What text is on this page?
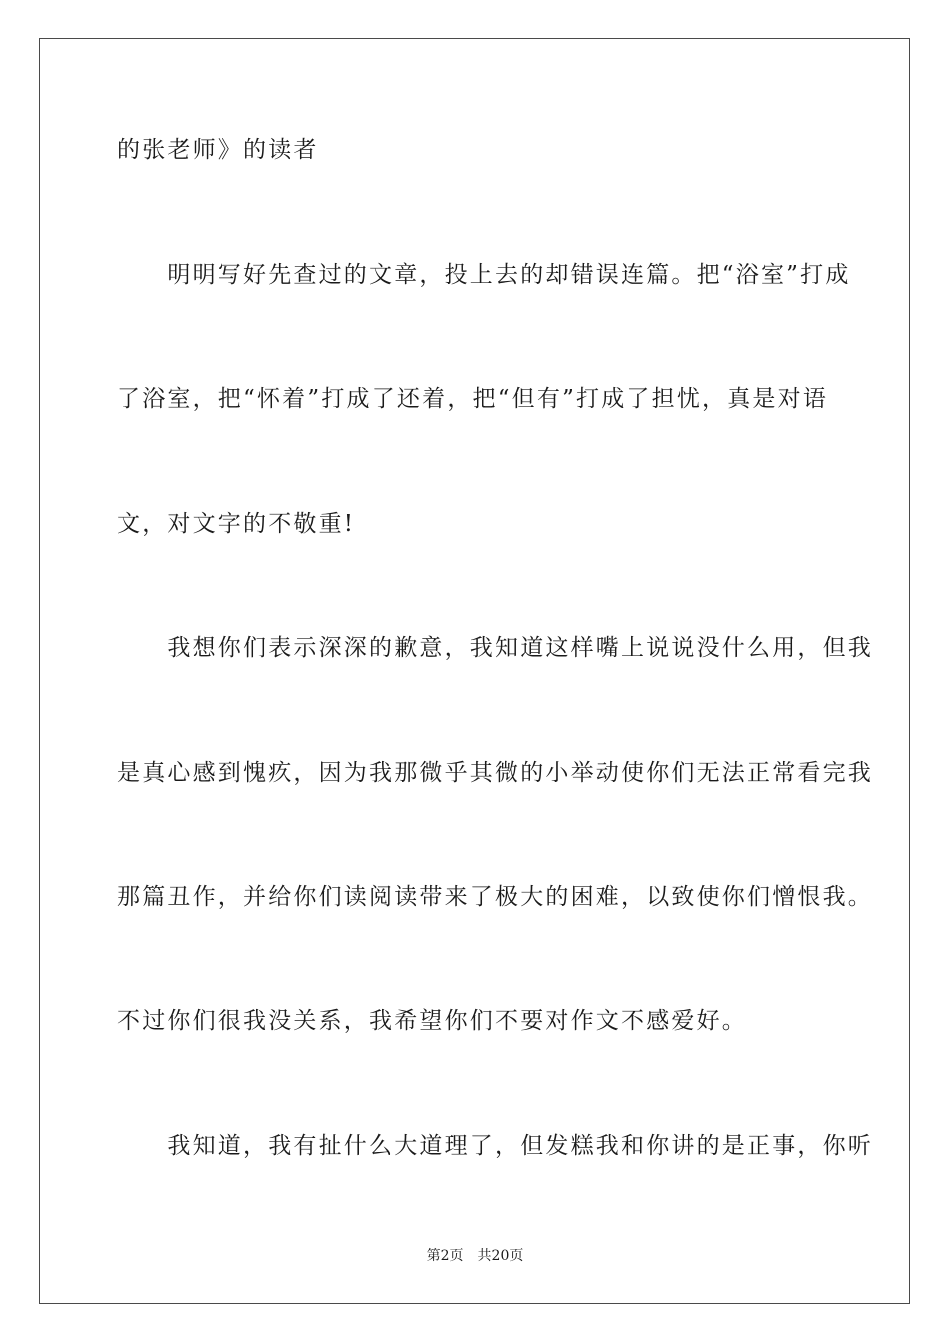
的张老师》的读者
　　明明写好先查过的文章，投上去的却错误连篇。把“浴室”打成
了浴室，把“怀着”打成了还着，把“但有”打成了担忧，真是对语
文，对文字的不敬重!
　　我想你们表示深深的歉意，我知道这样嘴上说说没什么用，但我
是真心感到愧疚，因为我那微乎其微的小举动使你们无法正常看完我
那篇丑作，并给你们读阅读带来了极大的困难，以致使你们憎恨我。
不过你们很我没关系，我希望你们不要对作文不感爱好。
　　我知道，我有扯什么大道理了，但发糕我和你讲的是正事，你听
第2页　共20页
